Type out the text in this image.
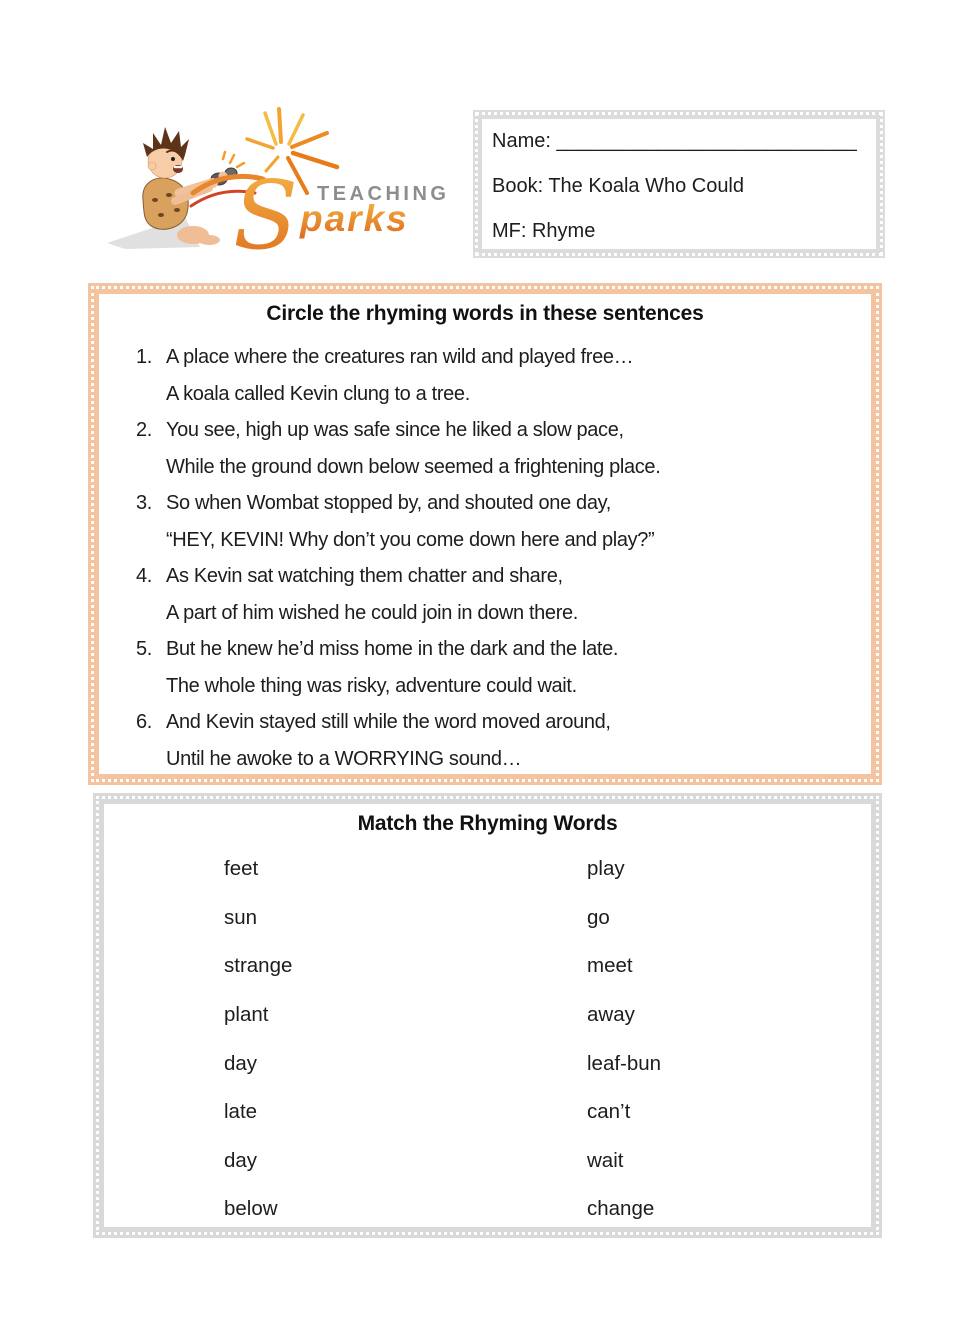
S TEACHING
parks
Name: ___________________________
Book: The Koala Who Could
MF: Rhyme
Circle the rhyming words in these sentences
1. A place where the creatures ran wild and played free…
A koala called Kevin clung to a tree.
2. You see, high up was safe since he liked a slow pace,
While the ground down below seemed a frightening place.
3. So when Wombat stopped by, and shouted one day,
“HEY, KEVIN! Why don’t you come down here and play?”
4. As Kevin sat watching them chatter and share,
A part of him wished he could join in down there.
5. But he knew he’d miss home in the dark and the late.
The whole thing was risky, adventure could wait.
6. And Kevin stayed still while the word moved around,
Until he awoke to a WORRYING sound…
Match the Rhyming Words
feet	play
sun	go
strange	meet
plant	away
day	leaf-bun
late	can’t
day	wait
below	change
